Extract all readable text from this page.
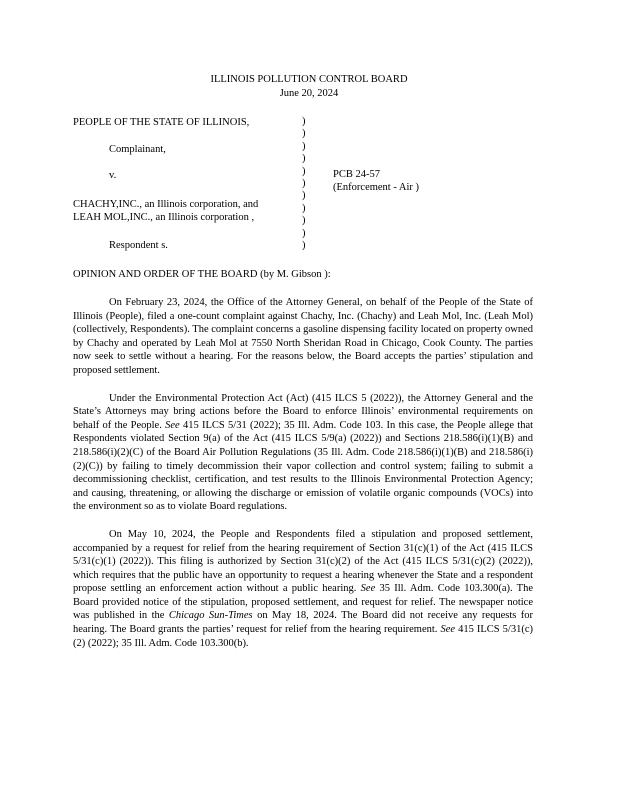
ILLINOIS POLLUTION CONTROL BOARD
June 20, 2024
PEOPLE OF THE STATE OF ILLINOIS,
Complainant,
v.
CHACHY,INC., an Illinois corporation, and
LEAH MOL,INC., an Illinois corporation ,
Respondent s.
)
)
)
)
)
)
)
)
)
)
)
PCB 24-57
(Enforcement - Air )
OPINION AND ORDER OF THE BOARD (by M. Gibson ):

On February 23, 2024, the Office of the Attorney General, on behalf of the People of the State of Illinois (People), filed a one-count complaint against Chachy, Inc. (Chachy) and Leah Mol, Inc. (Leah Mol) (collectively, Respondents). The complaint concerns a gasoline dispensing facility located on property owned by Chachy and operated by Leah Mol at 7550 North Sheridan Road in Chicago, Cook County. The parties now seek to settle without a hearing. For the reasons below, the Board accepts the parties’ stipulation and proposed settlement.

Under the Environmental Protection Act (Act) (415 ILCS 5 (2022)), the Attorney General and the State’s Attorneys may bring actions before the Board to enforce Illinois’ environmental requirements on behalf of the People. See 415 ILCS 5/31 (2022); 35 Ill. Adm. Code 103. In this case, the People allege that Respondents violated Section 9(a) of the Act (415 ILCS 5/9(a) (2022)) and Sections 218.586(i)(1)(B) and 218.586(i)(2)(C) of the Board Air Pollution Regulations (35 Ill. Adm. Code 218.586(i)(1)(B) and 218.586(i)(2)(C)) by failing to timely decommission their vapor collection and control system; failing to submit a decommissioning checklist, certification, and test results to the Illinois Environmental Protection Agency; and causing, threatening, or allowing the discharge or emission of volatile organic compounds (VOCs) into the environment so as to violate Board regulations.

On May 10, 2024, the People and Respondents filed a stipulation and proposed settlement, accompanied by a request for relief from the hearing requirement of Section 31(c)(1) of the Act (415 ILCS 5/31(c)(1) (2022)). This filing is authorized by Section 31(c)(2) of the Act (415 ILCS 5/31(c)(2) (2022)), which requires that the public have an opportunity to request a hearing whenever the State and a respondent propose settling an enforcement action without a public hearing. See 35 Ill. Adm. Code 103.300(a). The Board provided notice of the stipulation, proposed settlement, and request for relief. The newspaper notice was published in the Chicago Sun-Times on May 18, 2024. The Board did not receive any requests for hearing. The Board grants the parties’ request for relief from the hearing requirement. See 415 ILCS 5/31(c)(2) (2022); 35 Ill. Adm. Code 103.300(b).
